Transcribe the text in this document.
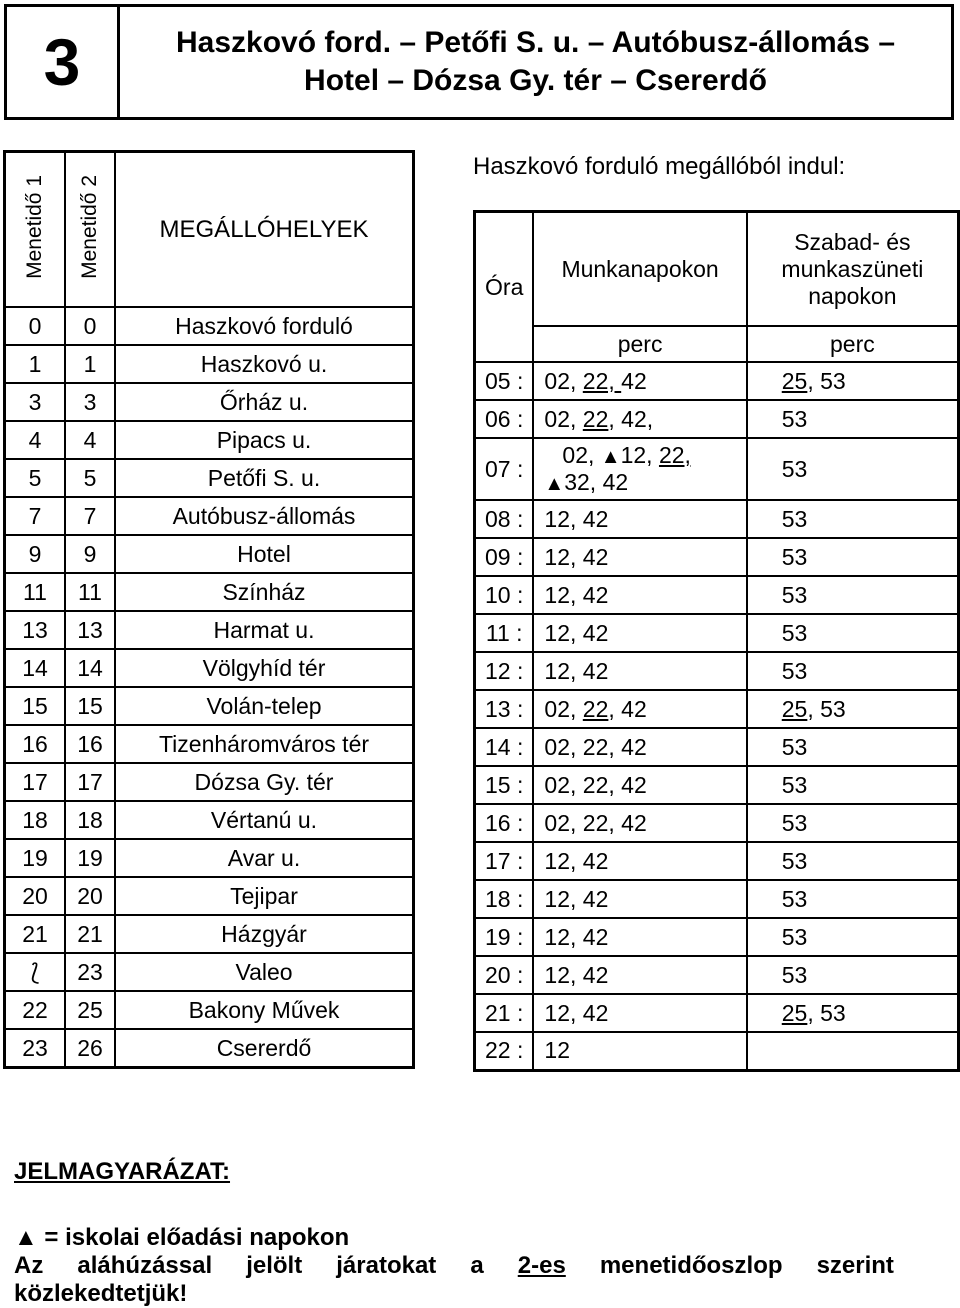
3	Haszkovó ford. – Petőfi S. u. – Autóbusz-állomás –
Hotel – Dózsa Gy. tér – Csererdő
Menetidő 1	Menetidő 2	MEGÁLLÓHELYEK
0	0	Haszkovó forduló
1	1	Haszkovó u.
3	3	Őrház u.
4	4	Pipacs u.
5	5	Petőfi S. u.
7	7	Autóbusz-állomás
9	9	Hotel
11	11	Színház
13	13	Harmat u.
14	14	Völgyhíd tér
15	15	Volán-telep
16	16	Tizenháromváros tér
17	17	Dózsa Gy. tér
18	18	Vértanú u.
19	19	Avar u.
20	20	Tejipar
21	21	Házgyár
⟅	23	Valeo
22	25	Bakony Művek
23	26	Csererdő
Haszkovó forduló megállóból indul:
Óra	Munkanapokon	Szabad- és
munkaszüneti
napokon

	perc	perc
05 :	02, 22, 42	25, 53
06 :	02, 22, 42,	53
07 :	02, ▲12, 22,
▲32, 42	53
08 :	12, 42	53
09 :	12, 42	53
10 :	12, 42	53
11 :	12, 42	53
12 :	12, 42	53
13 :	02, 22, 42	25, 53
14 :	02, 22, 42	53
15 :	02, 22, 42	53
16 :	02, 22, 42	53
17 :	12, 42	53
18 :	12, 42	53
19 :	12, 42	53
20 :	12, 42	53
21 :	12, 42	25, 53
22 :	12	
JELMAGYARÁZAT:
▲ = iskolai előadási napokon
Az aláhúzással jelölt járatokat a 2-es menetidőoszlop szerint
közlekedtetjük!
